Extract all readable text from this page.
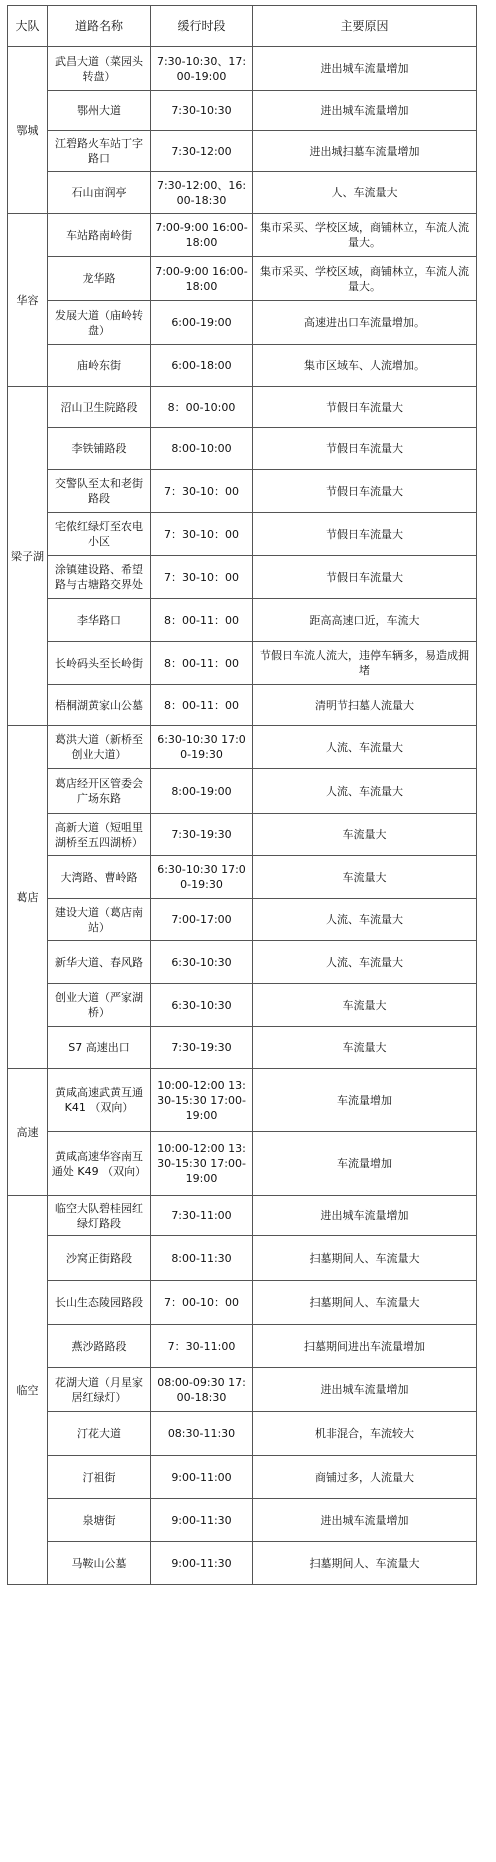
大队	道路名称	缓行时段	主要原因
鄂城	武昌大道（菜园头转盘）	7:30-10:30、17:00-19:00	进出城车流量增加
	鄂州大道	7:30-10:30	进出城车流量增加
	江碧路火车站丁字路口	7:30-12:00	进出城扫墓车流量增加
	石山亩润亭	7:30-12:00、16:00-18:30	人、车流量大
华容	车站路南岭街	7:00-9:00 16:00-18:00	集市采买、学校区域，商铺林立，车流人流量大。
	龙华路	7:00-9:00 16:00-18:00	集市采买、学校区域，商铺林立，车流人流量大。
	发展大道（庙岭转盘）	6:00-19:00	高速进出口车流量增加。
	庙岭东街	6:00-18:00	集市区域车、人流增加。
梁子湖	沼山卫生院路段	8：00-10:00	节假日车流量大
	李铁铺路段	8:00-10:00	节假日车流量大
	交警队至太和老街路段	7：30-10：00	节假日车流量大
	宅侬红绿灯至农电小区	7：30-10：00	节假日车流量大
	涂镇建设路、希望路与古塘路交界处	7：30-10：00	节假日车流量大
	李华路口	8：00-11：00	距高高速口近，车流大
	长岭码头至长岭街	8：00-11：00	节假日车流人流大，违停车辆多，易造成拥堵
	梧桐湖黄家山公墓	8：00-11：00	清明节扫墓人流量大
葛店	葛洪大道（新桥至创业大道）	6:30-10:30 17:00-19:30	人流、车流量大
	葛店经开区管委会广场东路	8:00-19:00	人流、车流量大
	高新大道（短咀里湖桥至五四湖桥）	7:30-19:30	车流量大
	大湾路、曹岭路	6:30-10:30 17:00-19:30	车流量大
	建设大道（葛店南站）	7:00-17:00	人流、车流量大
	新华大道、春风路	6:30-10:30	人流、车流量大
	创业大道（严家湖桥）	6:30-10:30	车流量大
	S7 高速出口	7:30-19:30	车流量大
高速	黄咸高速武黄互通 K41 （双向）	10:00-12:00 13:30-15:30 17:00-19:00	车流量增加
	黄咸高速华容南互通处 K49 （双向）	10:00-12:00 13:30-15:30 17:00-19:00	车流量增加
临空	临空大队碧桂园红绿灯路段	7:30-11:00	进出城车流量增加
	沙窝正街路段	8:00-11:30	扫墓期间人、车流量大
	长山生态陵园路段	7：00-10：00	扫墓期间人、车流量大
	燕沙路路段	7：30-11:00	扫墓期间进出车流量增加
	花湖大道（月星家居红绿灯）	08:00-09:30 17:00-18:30	进出城车流量增加
	汀花大道	08:30-11:30	机非混合，车流较大
	汀祖街	9:00-11:00	商铺过多，人流量大
	泉塘街	9:00-11:30	进出城车流量增加
	马鞍山公墓	9:00-11:30	扫墓期间人、车流量大
